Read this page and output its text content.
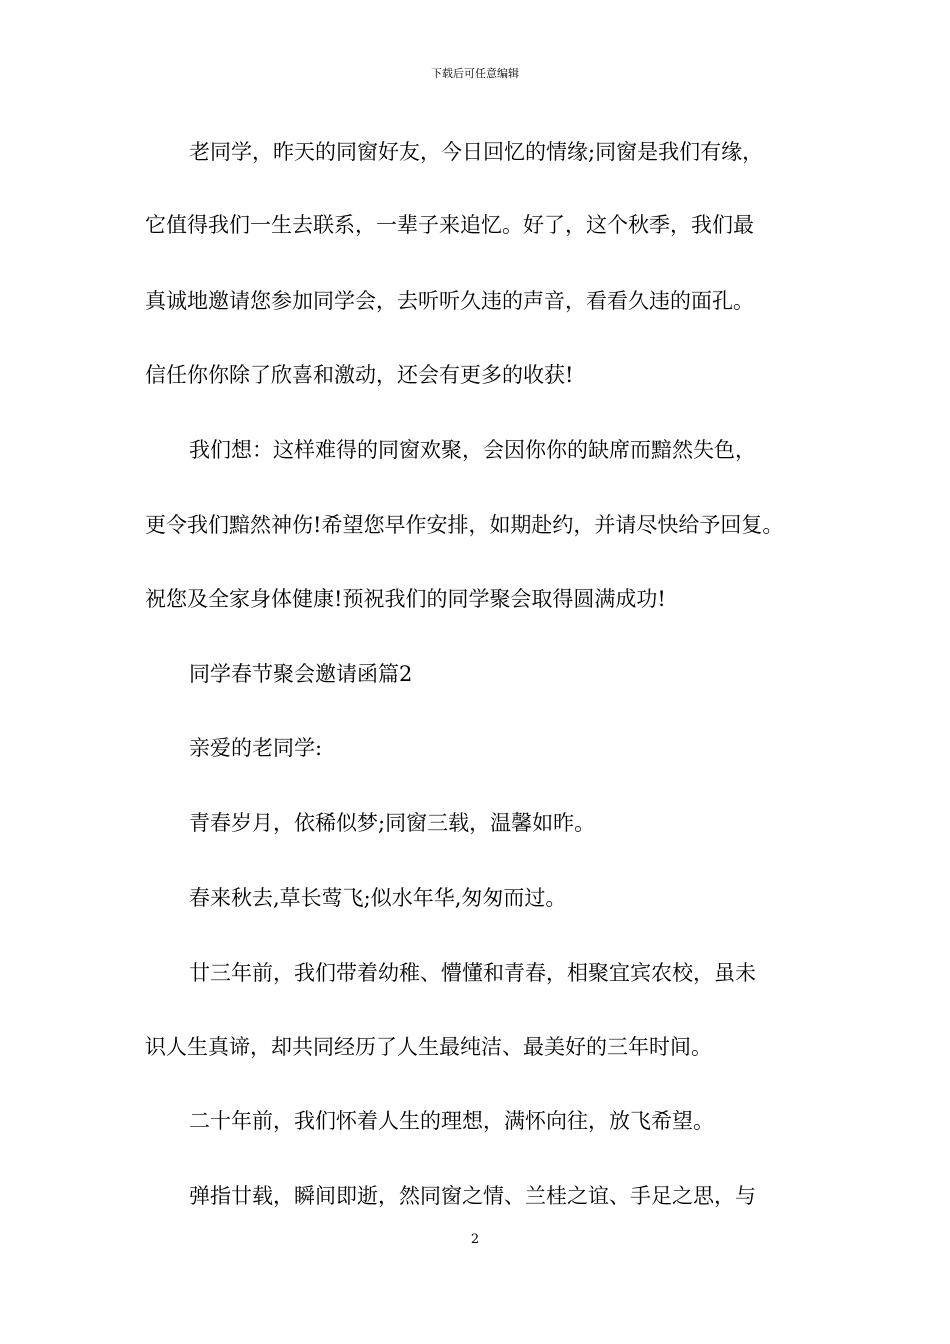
下载后可任意编辑
老同学，昨天的同窗好友，今日回忆的情缘;同窗是我们有缘，
它值得我们一生去联系，一辈子来追忆。好了，这个秋季，我们最
真诚地邀请您参加同学会，去听听久违的声音，看看久违的面孔。
信任你你除了欣喜和激动，还会有更多的收获!
我们想：这样难得的同窗欢聚，会因你你的缺席而黯然失色，
更令我们黯然神伤!希望您早作安排，如期赴约，并请尽快给予回复。
祝您及全家身体健康!预祝我们的同学聚会取得圆满成功!
同学春节聚会邀请函篇2
亲爱的老同学:
青春岁月，依稀似梦;同窗三载，温馨如昨。
春来秋去,草长莺飞;似水年华,匆匆而过。
廿三年前，我们带着幼稚、懵懂和青春，相聚宜宾农校，虽未
识人生真谛，却共同经历了人生最纯洁、最美好的三年时间。
二十年前，我们怀着人生的理想，满怀向往，放飞希望。
弹指廿载，瞬间即逝，然同窗之情、兰桂之谊、手足之思，与
2
